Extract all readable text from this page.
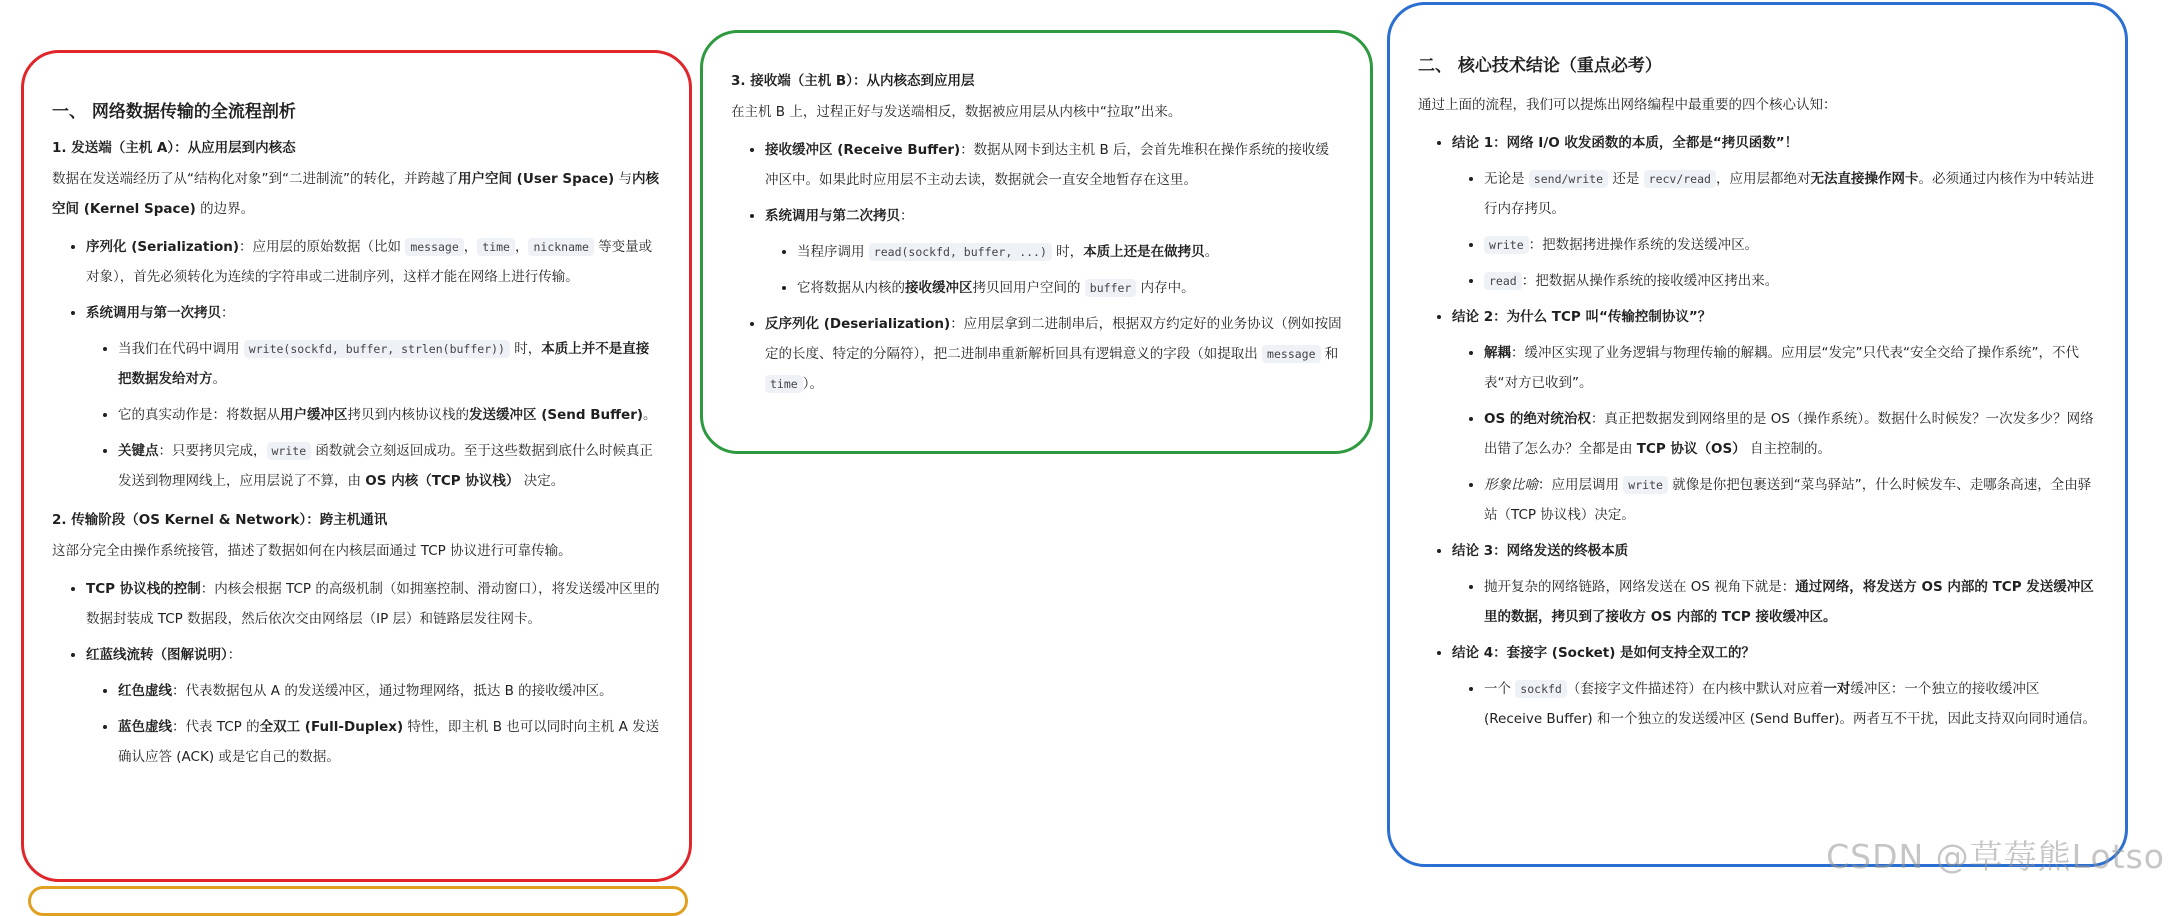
一、 网络数据传输的全流程剖析
1. 发送端（主机 A）：从应用层到内核态

数据在发送端经历了从“结构化对象”到“二进制流”的转化，并跨越了用户空间 (User Space) 与内核空间 (Kernel Space) 的边界。

• 序列化 (Serialization)：应用层的原始数据（比如 message ， time ， nickname 等变量或对象），首先必须转化为连续的字符串或二进制序列，这样才能在网络上进行传输。
• 系统调用与第一次拷贝：
• 当我们在代码中调用 write(sockfd, buffer, strlen(buffer)) 时，本质上并不是直接把数据发给对方。
• 它的真实动作是：将数据从用户缓冲区拷贝到内核协议栈的发送缓冲区 (Send Buffer)。
• 关键点：只要拷贝完成， write 函数就会立刻返回成功。至于这些数据到底什么时候真正发送到物理网线上，应用层说了不算，由 OS 内核（TCP 协议栈） 决定。
2. 传输阶段（OS Kernel & Network）：跨主机通讯

这部分完全由操作系统接管，描述了数据如何在内核层面通过 TCP 协议进行可靠传输。

• TCP 协议栈的控制：内核会根据 TCP 的高级机制（如拥塞控制、滑动窗口），将发送缓冲区里的数据封装成 TCP 数据段，然后依次交由网络层（IP 层）和链路层发往网卡。
• 红蓝线流转（图解说明）：
• 红色虚线：代表数据包从 A 的发送缓冲区，通过物理网络，抵达 B 的接收缓冲区。
• 蓝色虚线：代表 TCP 的全双工 (Full-Duplex) 特性，即主机 B 也可以同时向主机 A 发送确认应答 (ACK) 或是它自己的数据。
3. 接收端（主机 B）：从内核态到应用层

在主机 B 上，过程正好与发送端相反，数据被应用层从内核中“拉取”出来。

• 接收缓冲区 (Receive Buffer)：数据从网卡到达主机 B 后，会首先堆积在操作系统的接收缓冲区中。如果此时应用层不主动去读，数据就会一直安全地暂存在这里。
• 系统调用与第二次拷贝：
• 当程序调用 read(sockfd, buffer, ...) 时，本质上还是在做拷贝。
• 它将数据从内核的接收缓冲区拷贝回用户空间的 buffer 内存中。
• 反序列化 (Deserialization)：应用层拿到二进制串后，根据双方约定好的业务协议（例如按固定的长度、特定的分隔符），把二进制串重新解析回具有逻辑意义的字段（如提取出 message 和 time ）。
二、 核心技术结论（重点必考）

通过上面的流程，我们可以提炼出网络编程中最重要的四个核心认知：

• 结论 1：网络 I/O 收发函数的本质，全都是“拷贝函数”！
• 无论是 send/write 还是 recv/read ，应用层都绝对无法直接操作网卡。必须通过内核作为中转站进行内存拷贝。
• write ：把数据拷进操作系统的发送缓冲区。
• read ：把数据从操作系统的接收缓冲区拷出来。
• 结论 2：为什么 TCP 叫“传输控制协议”？
• 解耦：缓冲区实现了业务逻辑与物理传输的解耦。应用层“发完”只代表“安全交给了操作系统”，不代表“对方已收到”。
• OS 的绝对统治权：真正把数据发到网络里的是 OS（操作系统）。数据什么时候发？一次发多少？网络出错了怎么办？全都是由 TCP 协议（OS） 自主控制的。
• 形象比喻：应用层调用 write 就像是你把包裹送到“菜鸟驿站”，什么时候发车、走哪条高速，全由驿站（TCP 协议栈）决定。
• 结论 3：网络发送的终极本质
• 抛开复杂的网络链路，网络发送在 OS 视角下就是：通过网络，将发送方 OS 内部的 TCP 发送缓冲区里的数据，拷贝到了接收方 OS 内部的 TCP 接收缓冲区。
• 结论 4：套接字 (Socket) 是如何支持全双工的？
• 一个 sockfd （套接字文件描述符）在内核中默认对应着一对缓冲区：一个独立的接收缓冲区 (Receive Buffer) 和一个独立的发送缓冲区 (Send Buffer)。两者互不干扰，因此支持双向同时通信。
CSDN @草莓熊Lotso
